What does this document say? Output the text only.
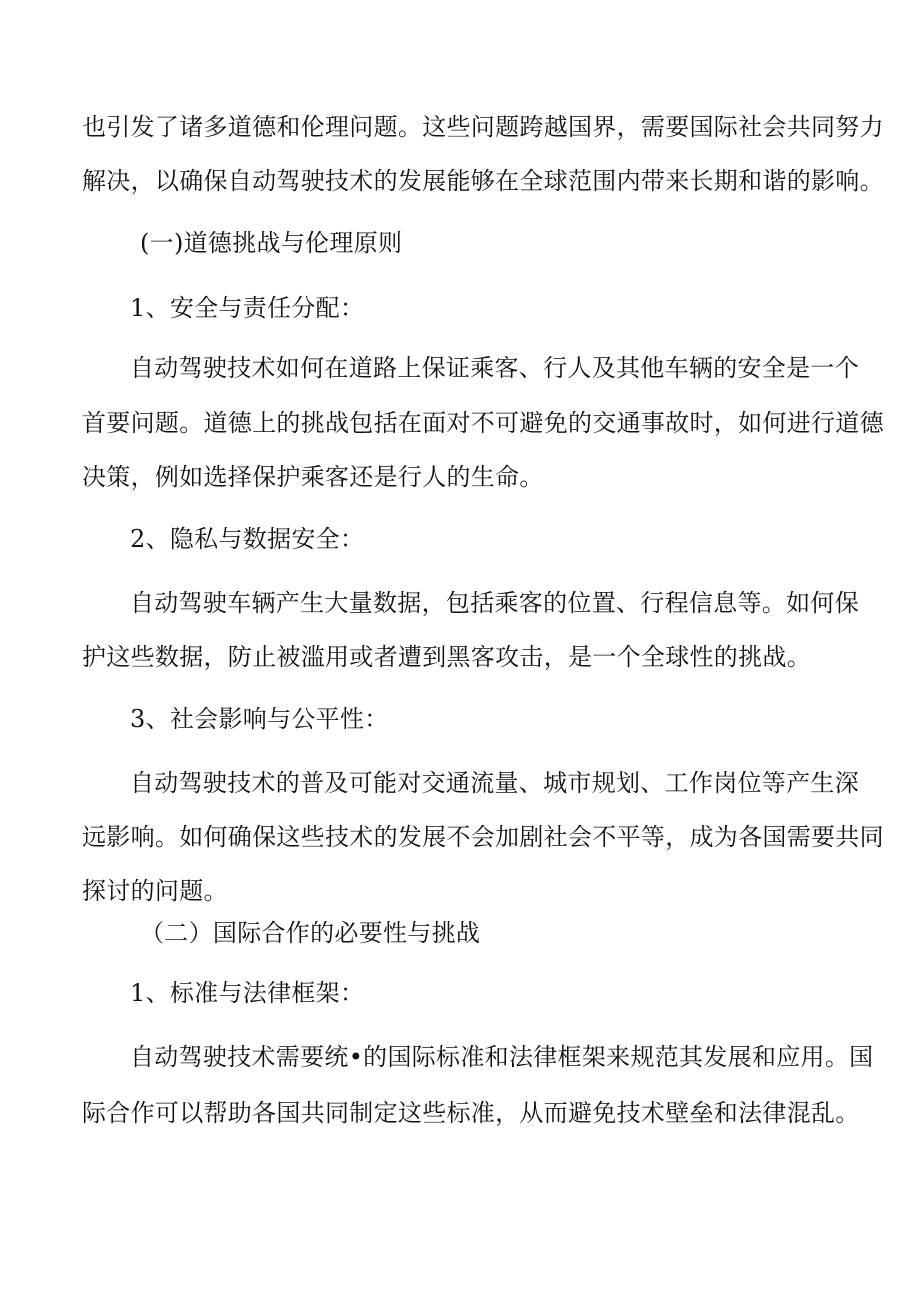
也引发了诸多道德和伦理问题。这些问题跨越国界，需要国际社会共同努力
解决，以确保自动驾驶技术的发展能够在全球范围内带来长期和谐的影响。
(一)道德挑战与伦理原则
1、安全与责任分配：
自动驾驶技术如何在道路上保证乘客、行人及其他车辆的安全是一个
首要问题。道德上的挑战包括在面对不可避免的交通事故时，如何进行道德
决策，例如选择保护乘客还是行人的生命。
2、隐私与数据安全：
自动驾驶车辆产生大量数据，包括乘客的位置、行程信息等。如何保
护这些数据，防止被滥用或者遭到黑客攻击，是一个全球性的挑战。
3、社会影响与公平性：
自动驾驶技术的普及可能对交通流量、城市规划、工作岗位等产生深
远影响。如何确保这些技术的发展不会加剧社会不平等，成为各国需要共同
探讨的问题。
（二）国际合作的必要性与挑战
1、标准与法律框架：
自动驾驶技术需要统•的国际标准和法律框架来规范其发展和应用。国
际合作可以帮助各国共同制定这些标准，从而避免技术壁垒和法律混乱。
